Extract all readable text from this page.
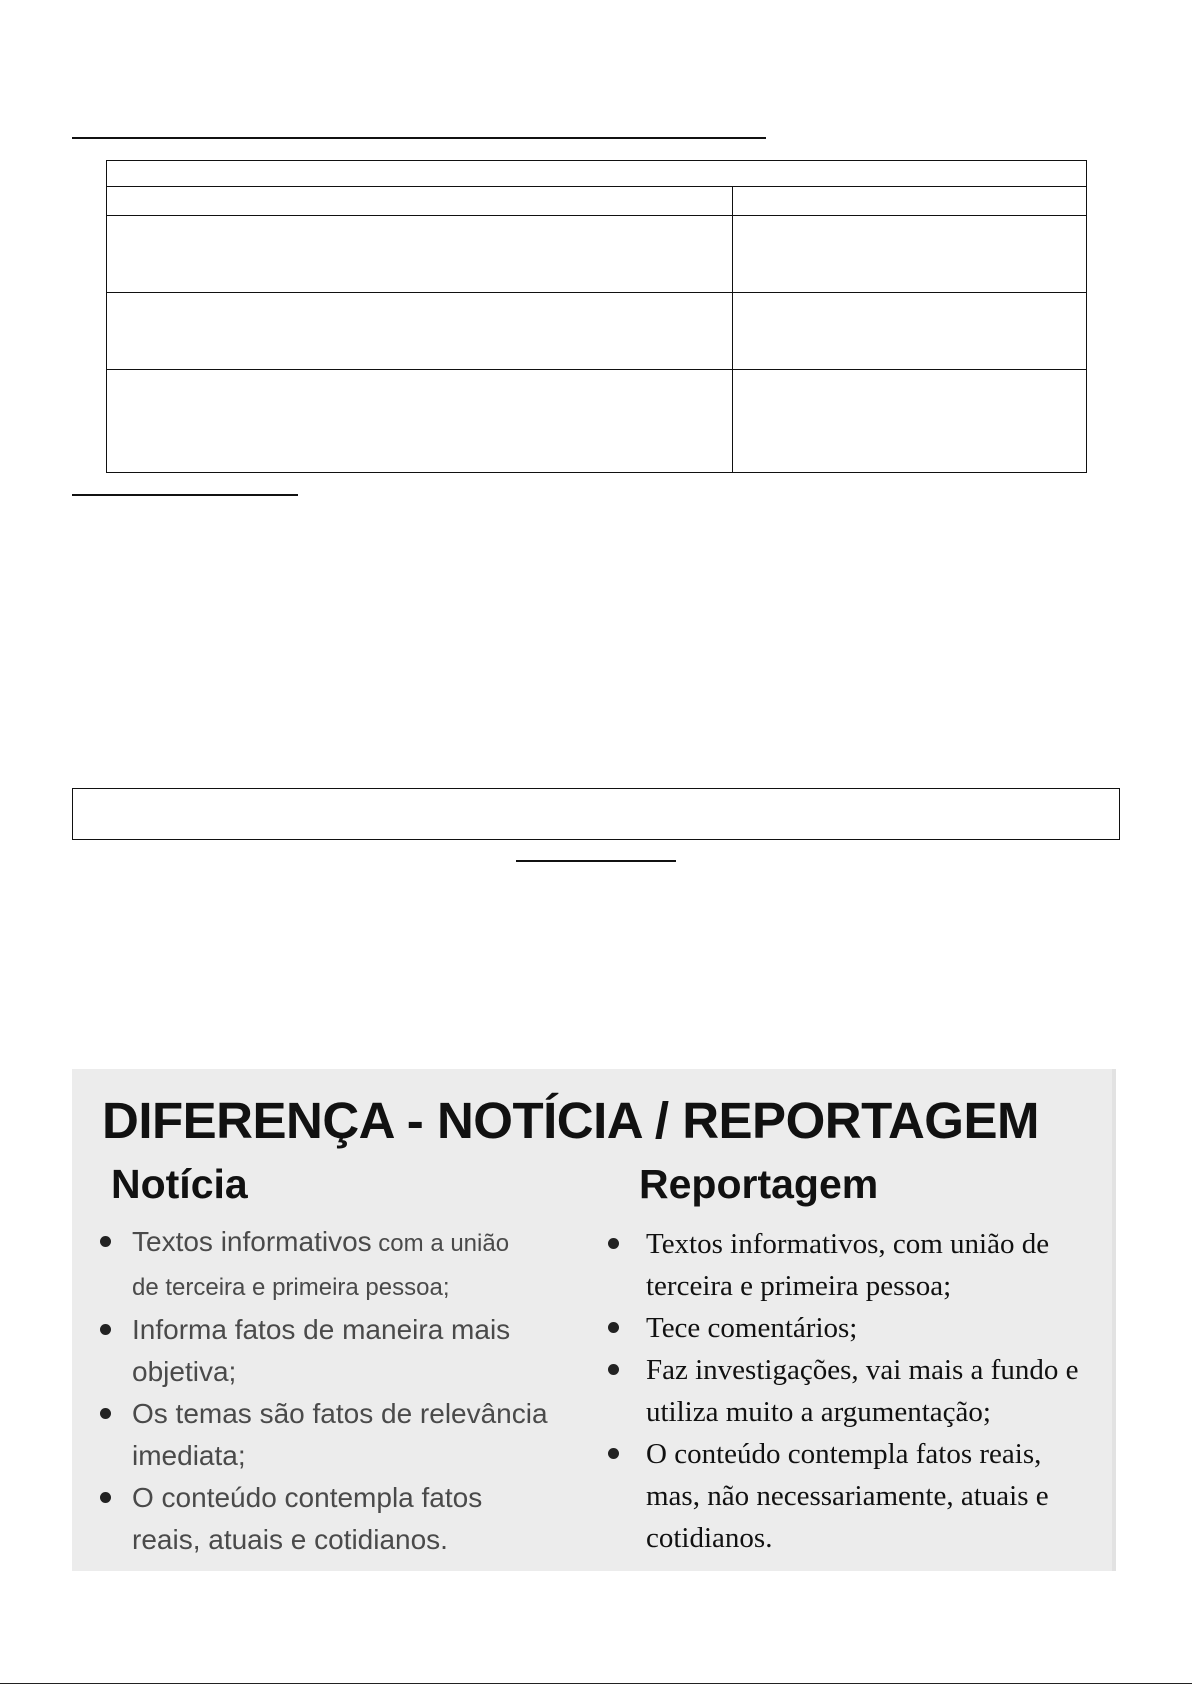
DIFERENÇA - NOTÍCIA / REPORTAGEM
Notícia	Reportagem
Textos informativos com a união
de terceira e primeira pessoa;
Informa fatos de maneira mais objetiva;
Os temas são fatos de relevância imediata;
O conteúdo contempla fatos reais, atuais e cotidianos.
Textos informativos, com união de terceira e primeira pessoa;
Tece comentários;
Faz investigações, vai mais a fundo e utiliza muito a argumentação;
O conteúdo contempla fatos reais, mas, não necessariamente, atuais e cotidianos.
